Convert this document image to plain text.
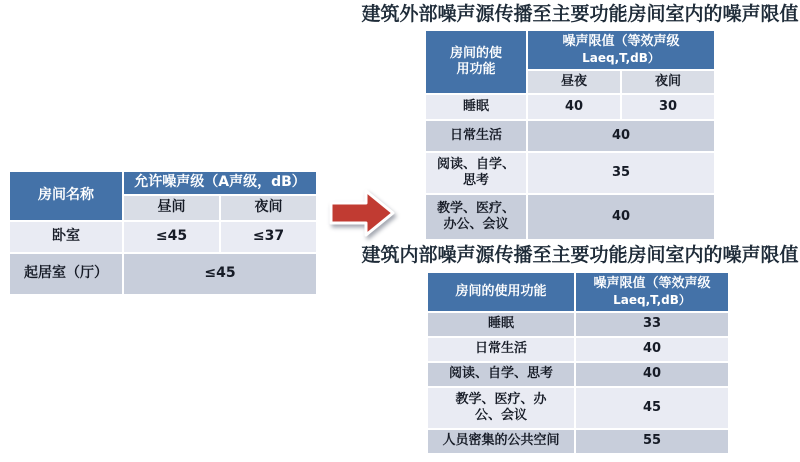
房间名称	允许噪声级（A声级，dB）	
	昼间	夜间
卧室	≤45	≤37
起居室（厅）	≤45	
建筑外部噪声源传播至主要功能房间室内的噪声限值
房间的使用功能	噪声限值（等效声级
Laeq,T,dB）	

	昼夜	夜间
睡眠	40	30
日常生活	40	
阅读、自学、思考	35	
教学、医疗、办公、会议	40	
建筑内部噪声源传播至主要功能房间室内的噪声限值
房间的使用功能	噪声限值（等效声级
Laeq,T,dB）

睡眠	33
日常生活	40
阅读、自学、思考	40
教学、医疗、办公、会议	45
人员密集的公共空间	55
